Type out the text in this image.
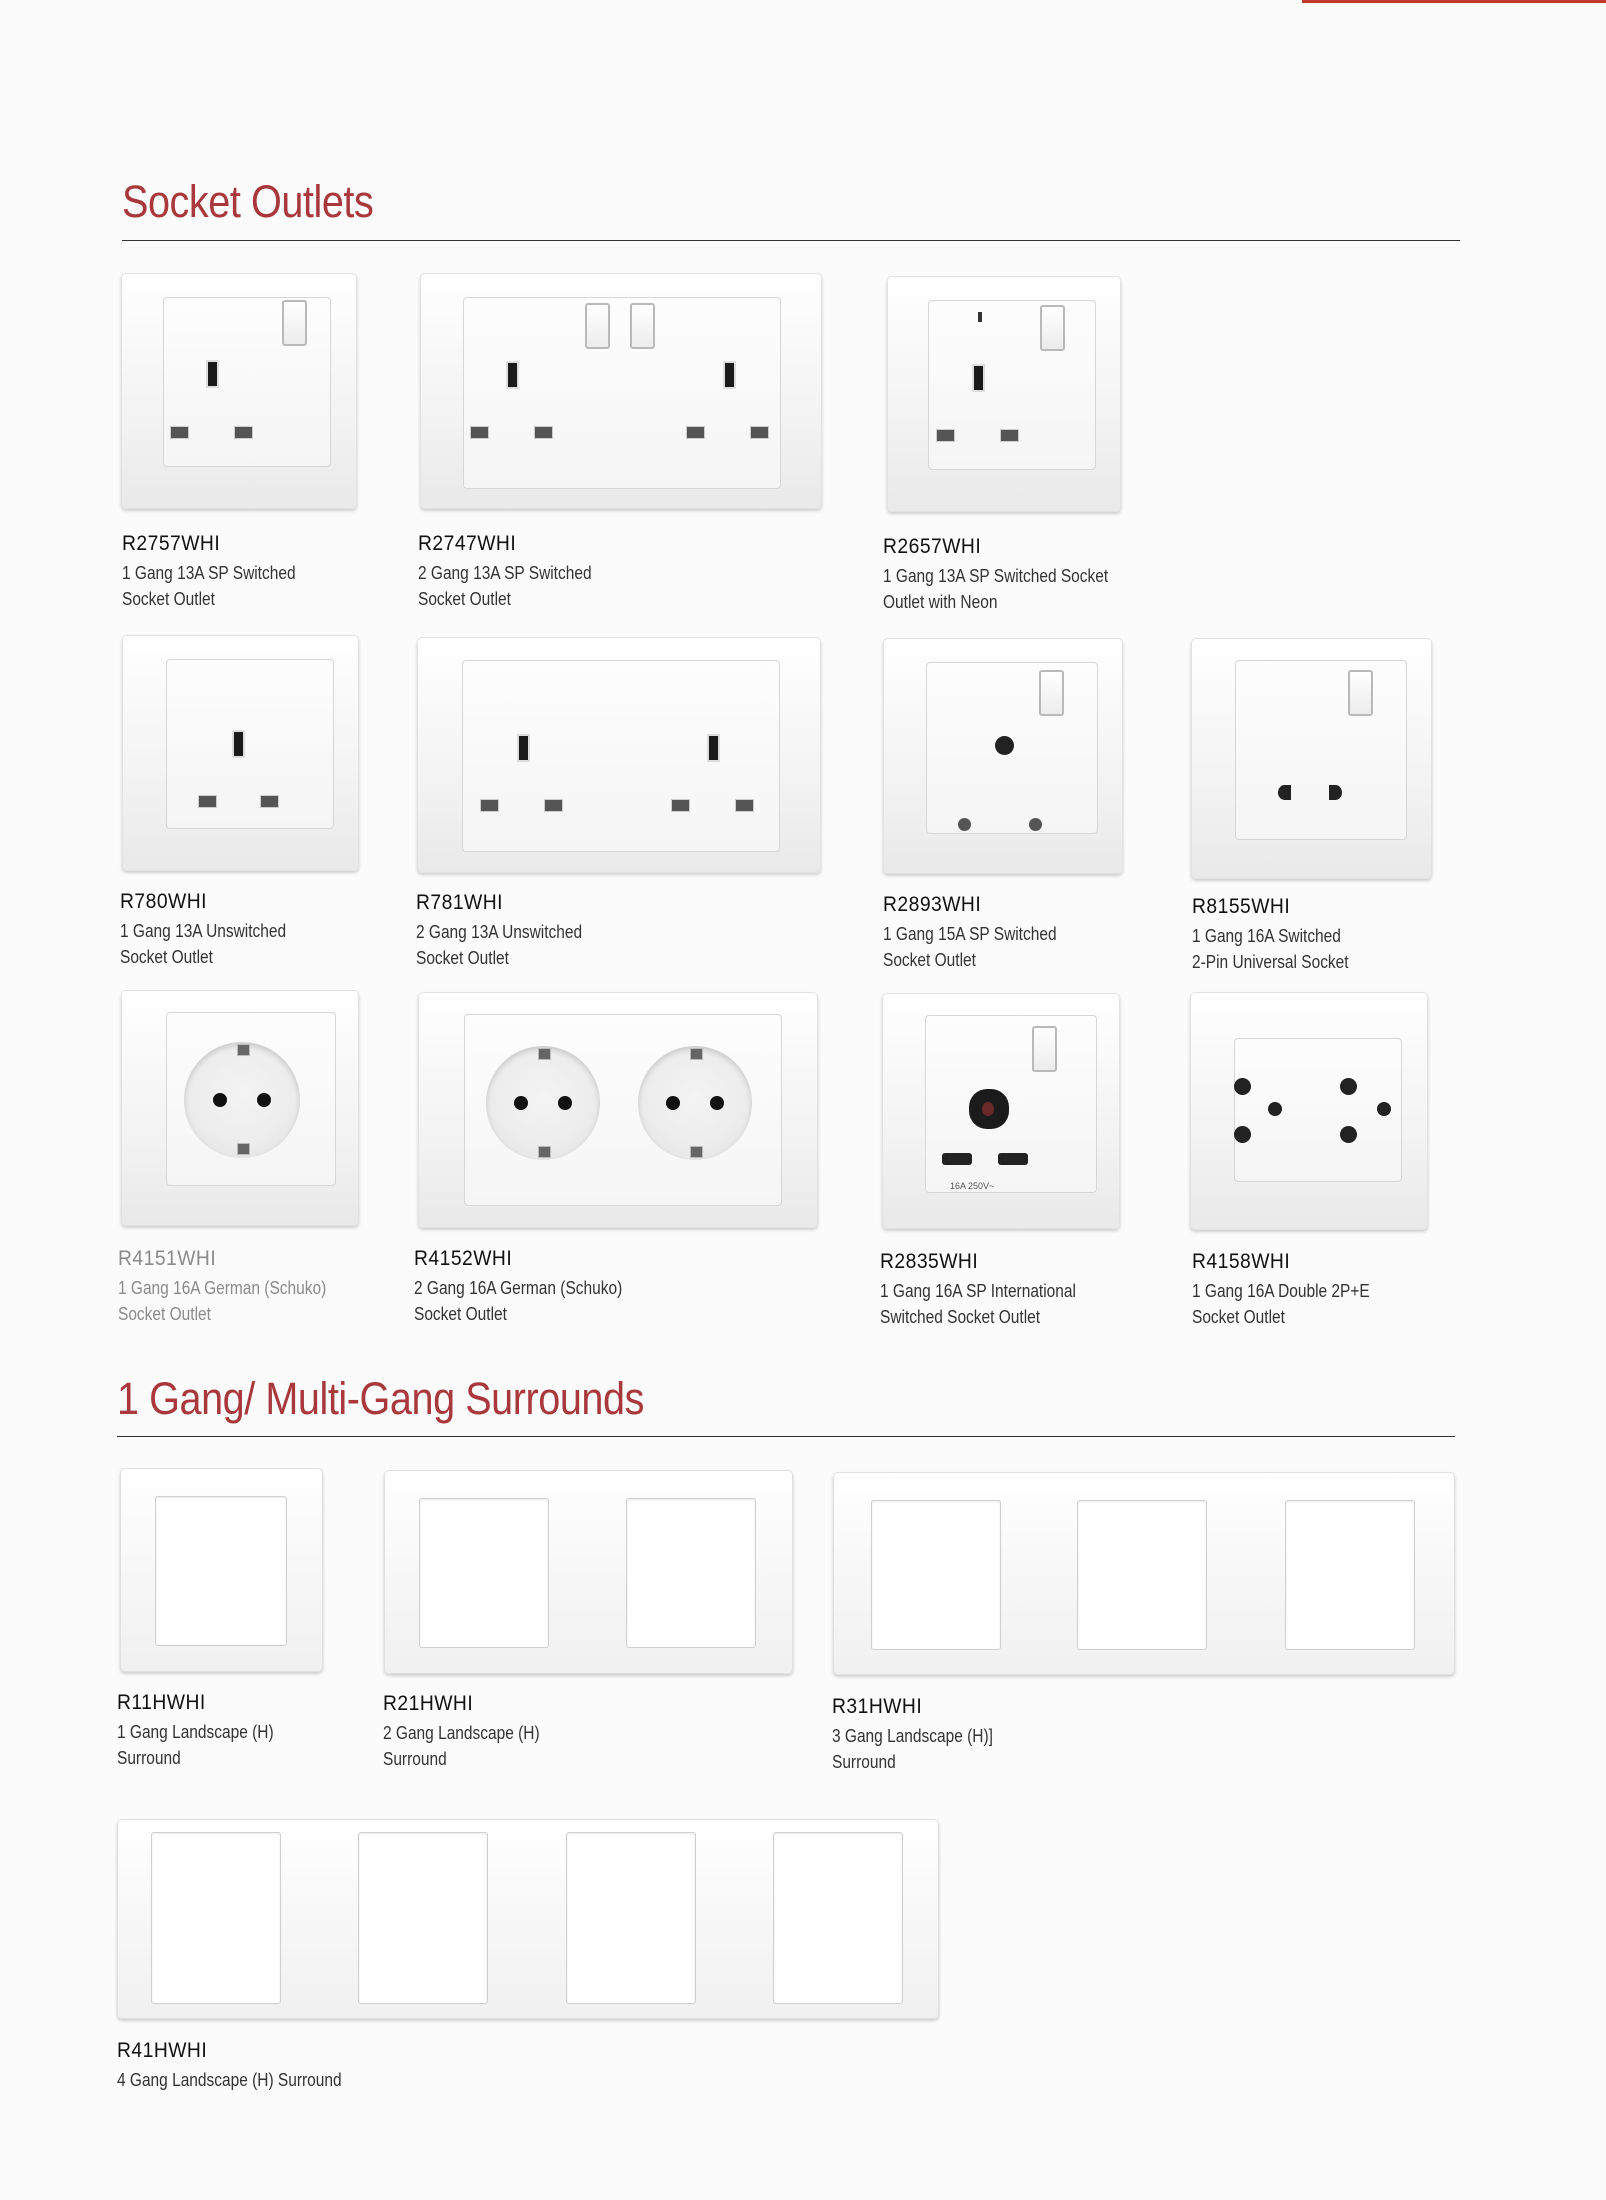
Socket Outlets
R2757WHI
1 Gang 13A SP Switched
Socket Outlet
R2747WHI
2 Gang 13A SP Switched
Socket Outlet
R2657WHI
1 Gang 13A SP Switched Socket
Outlet with Neon
R780WHI
1 Gang 13A Unswitched
Socket Outlet
R781WHI
2 Gang 13A Unswitched
Socket Outlet
R2893WHI
1 Gang 15A SP Switched
Socket Outlet
R8155WHI
1 Gang 16A Switched
2-Pin Universal Socket
R4151WHI
1 Gang 16A German (Schuko)
Socket Outlet
R4152WHI
2 Gang 16A German (Schuko)
Socket Outlet
16A 250V~
R2835WHI
1 Gang 16A SP International
Switched Socket Outlet
R4158WHI
1 Gang 16A Double 2P+E
Socket Outlet
1 Gang/ Multi-Gang Surrounds
R11HWHI
1 Gang Landscape (H)
Surround
R21HWHI
2 Gang Landscape (H)
Surround
R31HWHI
3 Gang Landscape (H)]
Surround
R41HWHI
4 Gang Landscape (H) Surround
